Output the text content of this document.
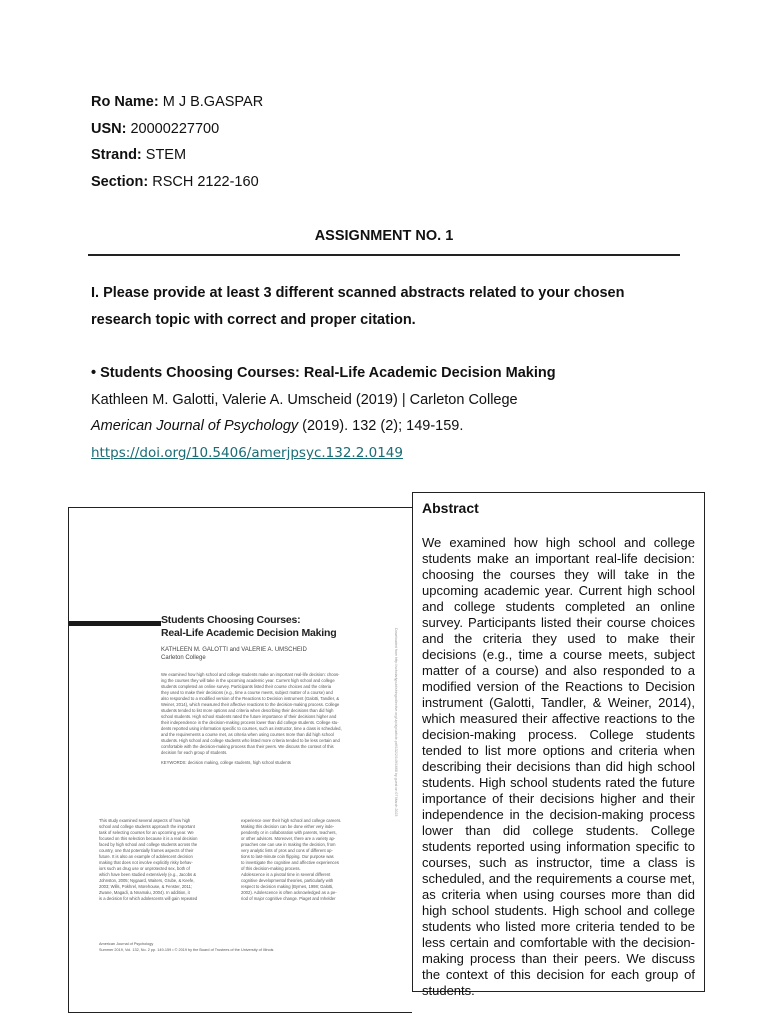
Ro Name: M J B.GASPAR
USN: 20000227700
Strand: STEM
Section: RSCH 2122-160
ASSIGNMENT NO. 1
I. Please provide at least 3 different scanned abstracts related to your chosen
research topic with correct and proper citation.
• Students Choosing Courses: Real-Life Academic Decision Making
Kathleen M. Galotti, Valerie A. Umscheid (2019) | Carleton College
American Journal of Psychology (2019). 132 (2); 149-159.
https://doi.org/10.5406/amerjpsyc.132.2.0149
Students Choosing Courses:
Real-Life Academic Decision Making
KATHLEEN M. GALOTTI and VALERIE A. UMSCHEID
Carleton College
We examined how high school and college students make an important real-life decision: choos-
ing the courses they will take in the upcoming academic year. Current high school and college
students completed an online survey. Participants listed their course choices and the criteria
they used to make their decisions (e.g., time a course meets, subject matter of a course) and
also responded to a modified version of the Reactions to Decision instrument (Galotti, Tandler, &
Weiner, 2014), which measured their affective reactions to the decision-making process. College
students tended to list more options and criteria when describing their decisions than did high
school students. High school students rated the future importance of their decisions higher and
their independence in the decision-making process lower than did college students. College stu-
dents reported using information specific to courses, such as instructor, time a class is scheduled,
and the requirements a course met, as criteria when using courses more than did high school
students. High school and college students who listed more criteria tended to be less certain and
comfortable with the decision-making process than their peers. We discuss the context of this
decision for each group of students.
KEYWORDS: decision making, college students, high school students
This study examined several aspects of how high
school and college students approach the important
task of selecting courses for an upcoming year. We
focused on this selection because it is a real decision
faced by high school and college students across the
country, one that potentially frames aspects of their
future. It is also an example of adolescent decision
making that does not involve explicitly risky behav-
iors such as drug use or unprotected sex, both of
which have been studied extensively (e.g., Jacobs &
Johnston, 2005; Nygaard, Waiters, Grube, & Keefe,
2003; Wills, Pokhrel, Morehouse, & Fenster, 2011;
Zwane, Magadi, & Nnamalu, 2004). In addition, it
is a decision for which adolescents will gain repeated
experience over their high school and college careers.
Making this decision can be done either very inde-
pendently or in collaboration with parents, teachers,
or other advisors. Moreover, there are a variety ap-
proaches one can use in making the decision, from
very analytic lists of pros and cons of different op-
tions to last-minute coin flipping. Our purpose was
to investigate the cognitive and affective experiences
of this decision-making process.
Adolescence is a pivotal time in several different
cognitive developmental theories, particularly with
respect to decision making (Byrnes, 1998; Galotti,
2002). Adolescence is often acknowledged as a pe-
riod of major cognitive change. Piaget and Inhelder
Downloaded from http://scholarlypublishingcollective.org/uip/ajp/article-pdf/132/2/149/1668 by guest on 07 March 2023
American Journal of Psychology
Summer 2019, Vol. 132, No. 2 pp. 149-159 • © 2019 by the Board of Trustees of the University of Illinois

Abstract

We examined how high school and college students make an important real-life decision: choosing the courses they will take in the upcoming academic year. Current high school and college students completed an online survey. Participants listed their course choices and the criteria they used to make their decisions (e.g., time a course meets, subject matter of a course) and also responded to a modified version of the Reactions to Decision instrument (Galotti, Tandler, & Weiner, 2014), which measured their affective reactions to the decision-making process. College students tended to list more options and criteria when describing their decisions than did high school students. High school students rated the future importance of their decisions higher and their independence in the decision-making process lower than did college students. College students reported using information specific to courses, such as instructor, time a class is scheduled, and the requirements a course met, as criteria when using courses more than did high school students. High school and college students who listed more criteria tended to be less certain and comfortable with the decision-making process than their peers. We discuss the context of this decision for each group of students.
